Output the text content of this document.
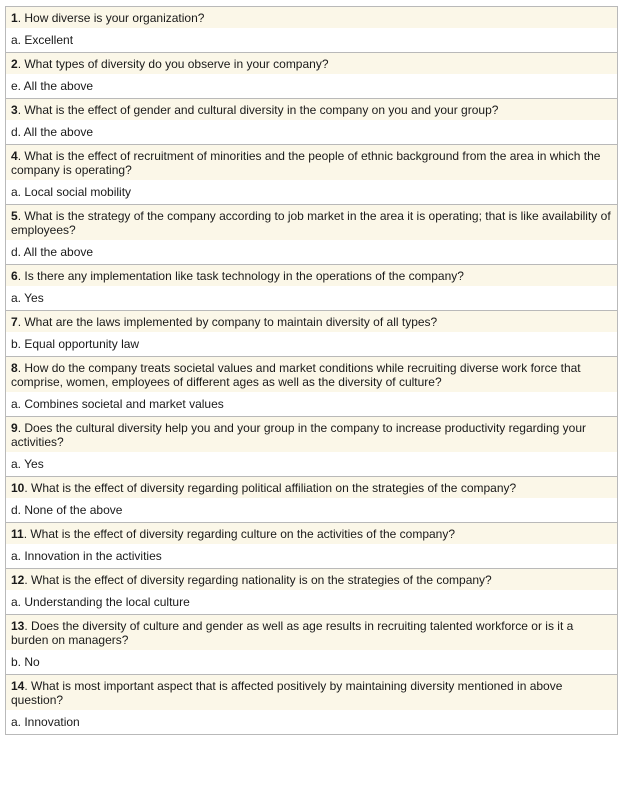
1. How diverse is your organization?
a. Excellent
2. What types of diversity do you observe in your company?
e. All the above
3. What is the effect of gender and cultural diversity in the company on you and your group?
d. All the above
4. What is the effect of recruitment of minorities and the people of ethnic background from the area in which the company is operating?
a. Local social mobility
5. What is the strategy of the company according to job market in the area it is operating; that is like availability of employees?
d. All the above
6. Is there any implementation like task technology in the operations of the company?
a. Yes
7. What are the laws implemented by company to maintain diversity of all types?
b. Equal opportunity law
8. How do the company treats societal values and market conditions while recruiting diverse work force that comprise, women, employees of different ages as well as the diversity of culture?
a. Combines societal and market values
9. Does the cultural diversity help you and your group in the company to increase productivity regarding your activities?
a. Yes
10. What is the effect of diversity regarding political affiliation on the strategies of the company?
d. None of the above
11. What is the effect of diversity regarding culture on the activities of the company?
a. Innovation in the activities
12. What is the effect of diversity regarding nationality is on the strategies of the company?
a. Understanding the local culture
13. Does the diversity of culture and gender as well as age results in recruiting talented workforce or is it a burden on managers?
b. No
14. What is most important aspect that is affected positively by maintaining diversity mentioned in above question?
a. Innovation
